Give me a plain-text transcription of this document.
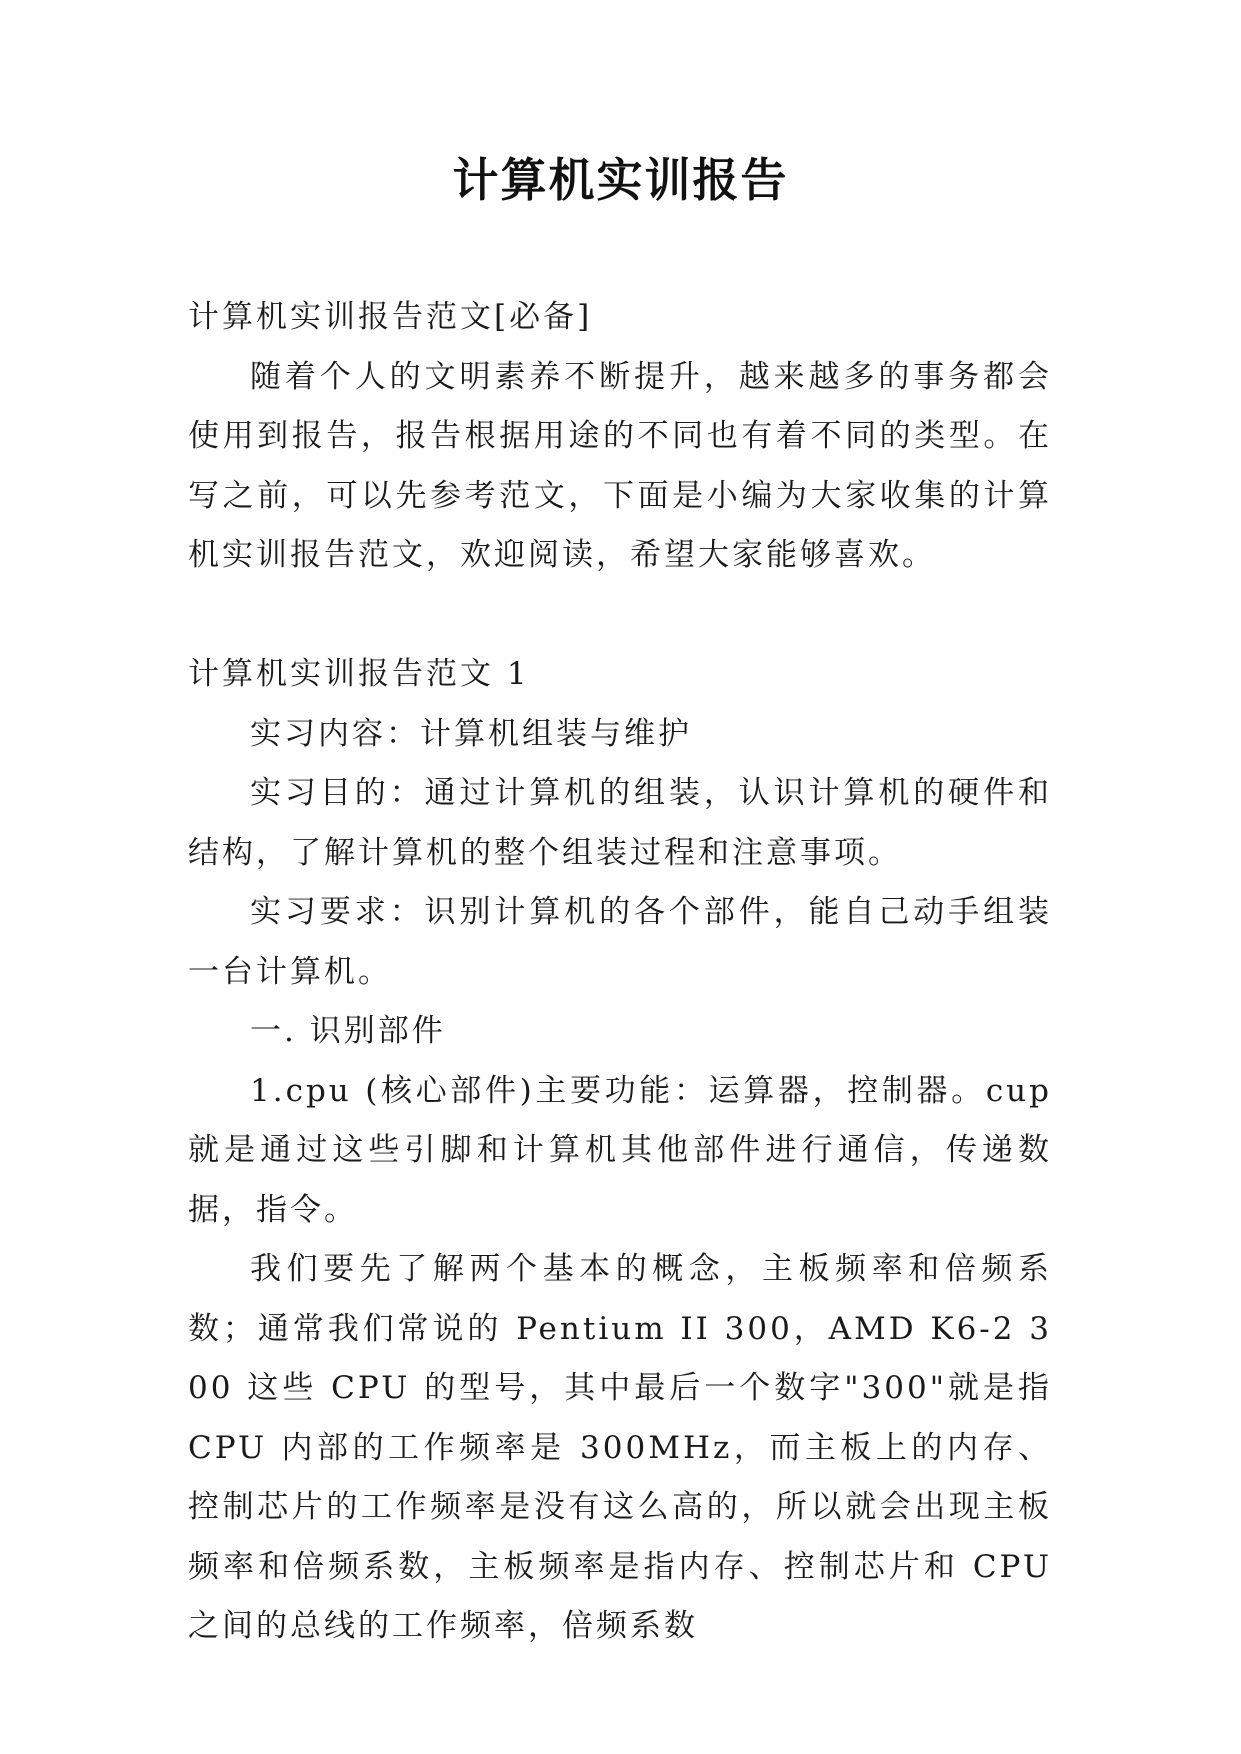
计算机实训报告

计算机实训报告范文[必备]

随着个人的文明素养不断提升，越来越多的事务都会使用到报告，报告根据用途的不同也有着不同的类型。在写之前，可以先参考范文，下面是小编为大家收集的计算机实训报告范文，欢迎阅读，希望大家能够喜欢。

计算机实训报告范文 1

实习内容：计算机组装与维护

实习目的：通过计算机的组装，认识计算机的硬件和结构，了解计算机的整个组装过程和注意事项。

实习要求：识别计算机的各个部件，能自己动手组装一台计算机。

一. 识别部件

1.cpu (核心部件)主要功能：运算器，控制器。cup 就是通过这些引脚和计算机其他部件进行通信，传递数据，指令。

我们要先了解两个基本的概念，主板频率和倍频系数；通常我们常说的 Pentium II 300，AMD K6-2 300 这些 CPU 的型号，其中最后一个数字"300"就是指 CPU 内部的工作频率是 300MHz，而主板上的内存、控制芯片的工作频率是没有这么高的，所以就会出现主板频率和倍频系数，主板频率是指内存、控制芯片和 CPU 之间的总线的工作频率，倍频系数
